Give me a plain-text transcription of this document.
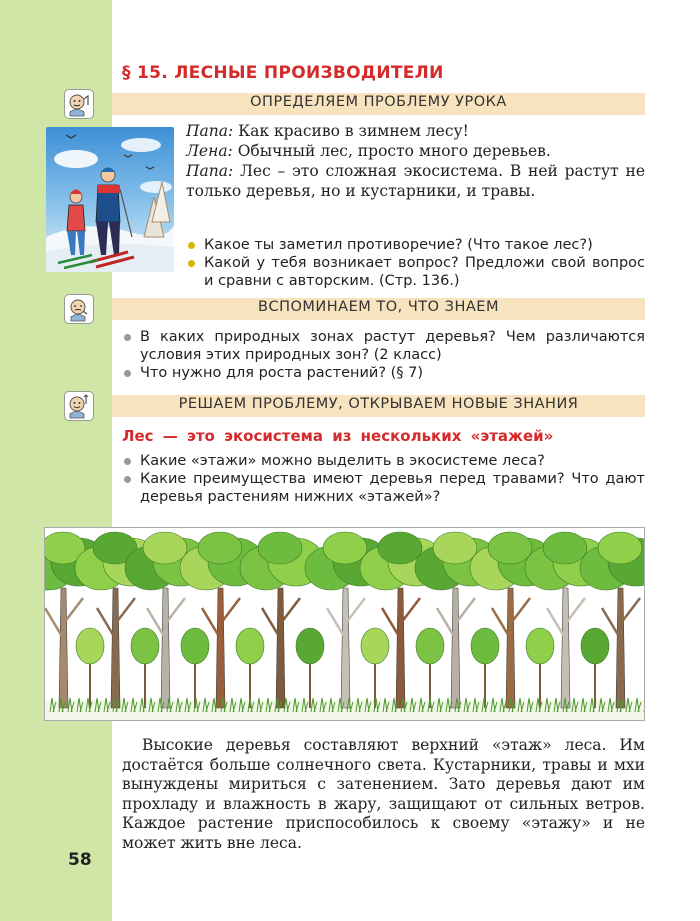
§ 15. ЛЕСНЫЕ ПРОИЗВОДИТЕЛИ
ОПРЕДЕЛЯЕМ ПРОБЛЕМУ УРОКА

Папа: Как красиво в зимнем лесу!

Лена: Обычный лес, просто много деревьев.

Папа: Лес – это сложная экосистема. В ней растут не только деревья, но и кустарники, и травы.

Какое ты заметил противоречие? (Что такое лес?)
Какой у тебя возникает вопрос? Предложи свой вопрос и сравни с авторским. (Стр. 136.)
ВСПОМИНАЕМ ТО, ЧТО ЗНАЕМ
В каких природных зонах растут деревья? Чем различаются условия этих природных зон? (2 класс)
Что нужно для роста растений? (§ 7)
РЕШАЕМ ПРОБЛЕМУ, ОТКРЫВАЕМ НОВЫЕ ЗНАНИЯ
Лес — это экосистема из нескольких «этажей»
Какие «этажи» можно выделить в экосистеме леса?
Какие преимущества имеют деревья перед травами? Что дают деревья растениям нижних «этажей»?
Высокие деревья составляют верхний «этаж» леса. Им достаётся больше солнечного света. Кустарники, травы и мхи вынуждены мириться с затенением. Зато деревья дают им прохладу и влажность в жару, защищают от сильных ветров. Каждое растение приспособилось к своему «этажу» и не может жить вне леса.
58
